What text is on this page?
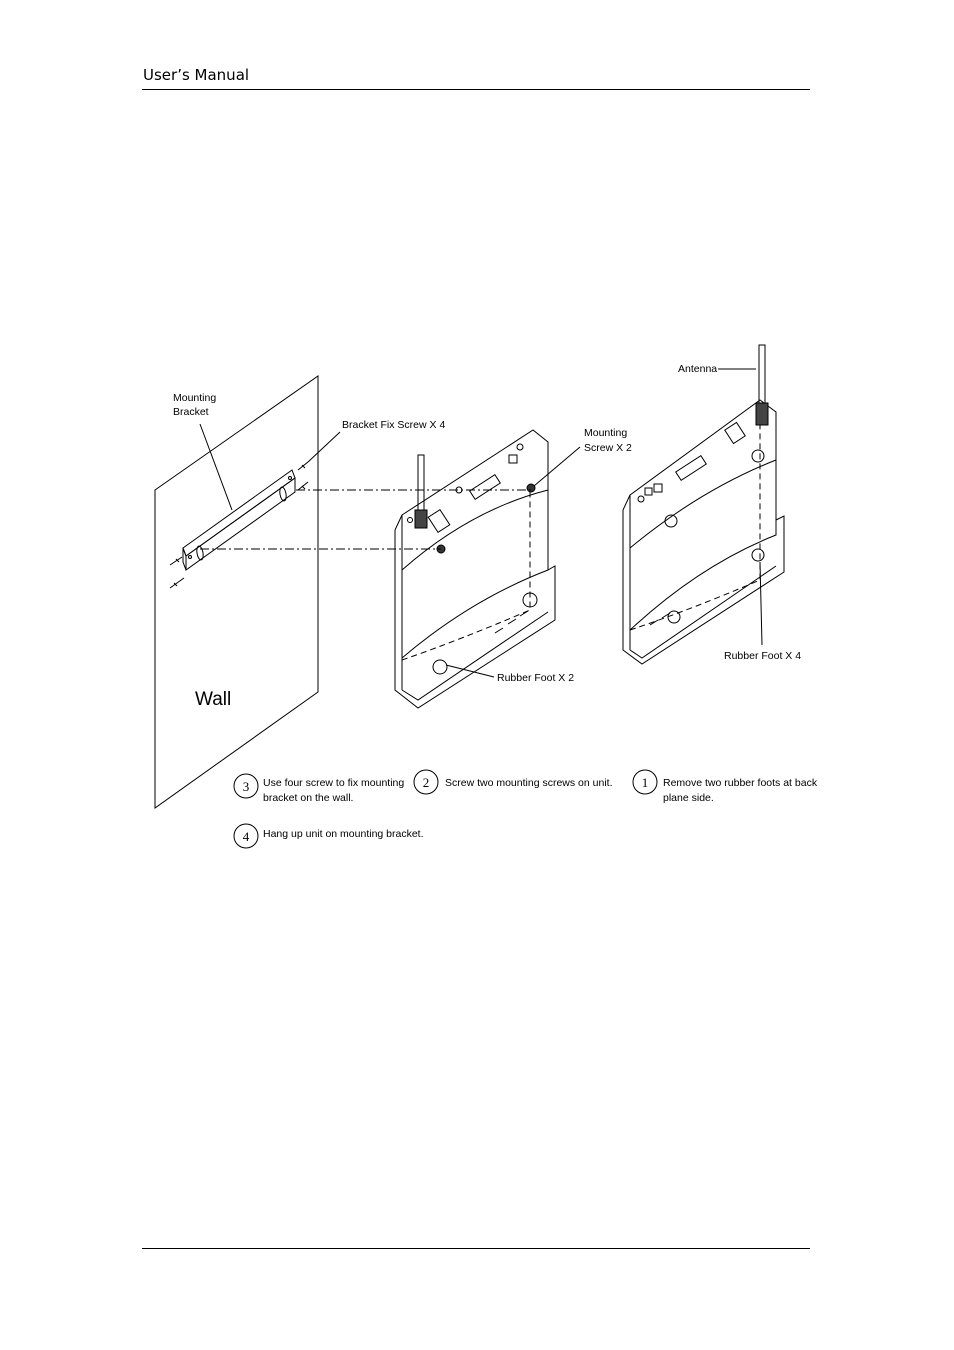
User’s Manual
Mounting
Bracket
Bracket Fix Screw X 4
Mounting
Screw X 2
Antenna
Rubber Foot X 2
Rubber Foot X 4
Wall
3	2	1
4
Use four screw to fix mounting
bracket on the wall.
Screw two mounting screws on unit.	Remove two rubber foots at back
plane side.
Hang up unit on mounting bracket.
